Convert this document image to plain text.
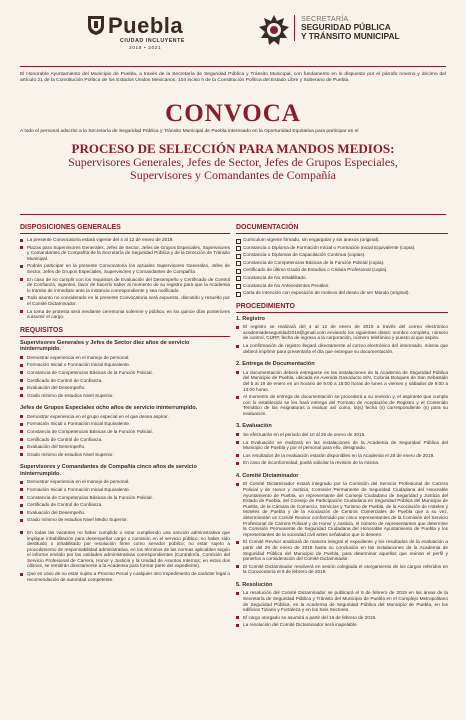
Puebla
CIUDAD INCLUYENTE
2018 • 2021
SECRETARÍA
SEGURIDAD PÚBLICA
Y TRÁNSITO MUNICIPAL

El Honorable Ayuntamiento del Municipio de Puebla, a través de la Secretaría de Seguridad Pública y Tránsito Municipal, con fundamento en lo dispuesto por el párrafo noveno y décimo del artículo 21 de la Constitución Política de los Estados Unidos Mexicanos, 104 inciso h de la Constitución Política del Estado Libre y Soberano de Puebla.

CONVOCA

A todo el personal adscrito a la Secretaría de Seguridad Pública y Tránsito Municipal de Puebla interesado en la Oportunidad Equitativa para participar en el

PROCESO DE SELECCIÓN PARA MANDOS MEDIOS:
Supervisores Generales, Jefes de Sector, Jefes de Grupos Especiales,
Supervisores y Comandantes de Compañía
DISPOSICIONES GENERALES
La presente Convocatoria estará vigente del 4 al 12 de enero de 2019.
Plazas para Supervisores Generales, Jefes de Sector, Jefes de Grupos Especiales, Supervisores y Comandantes de Compañía de la Secretaría de Seguridad Pública y de la Dirección de Tránsito Municipal.
Podrán participar en la presente Convocatoria los actuales Supervisores Generales, Jefes de Sector, Jefes de Grupos Especiales, Supervisores y Comandantes de Compañía.
En caso de no cumplir con los requisitos de Evaluación del Desempeño y Certificado de Control de Confianza, vigentes, favor de hacerlo saber al momento de su registro para que la Academia lo tramite de inmediato ante la instancia correspondiente y sea notificado.
Todo asunto no considerado en la presente Convocatoria será expuesto, discutido y resuelto por el Comité Dictaminador.
La toma de protesta será mediante ceremonia solemne y pública, en los quince días posteriores a asumir el cargo.
REQUISITOS
Supervisores Generales y Jefes de Sector diez años de servicio ininterrumpido.
Demostrar experiencia en el manejo de personal.
Formación Inicial o Formación Inicial Equivalente.
Constancia de Competencias Básicas de la Función Policial.
Certificado de Control de Confianza.
Evaluación del Desempeño.
Grado mínimo de estudios Nivel Superior.
Jefes de Grupos Especiales ocho años de servicio ininterrumpido.
Demostrar experiencia en el grupo especial en el que desea aspirar.
Formación Inicial o Formación Inicial Equivalente.
Constancia de Competencias Básicas de la Función Policial.
Certificado de Control de Confianza.
Evaluación del Desempeño.
Grado mínimo de estudios Nivel Superior.
Supervisores y Comandantes de Compañía cinco años de servicio ininterrumpido.
Demostrar experiencia en el manejo de personal.
Formación Inicial o Formación Inicial Equivalente.
Constancia de Competencias Básicas de la Función Policial.
Certificado de Control de Confianza.
Evaluación del Desempeño.
Grado mínimo de estudios Nivel Medio Superior.
En todas las vacantes no haber cumplido o estar cumpliendo una sanción administrativa que implique inhabilitación para desempeñar cargo o comisión en el servicio público; no haber sido destituido o inhabilitado por resolución firme como servidor público; no estar sujeto a procedimiento de responsabilidad administrativa, en los términos de las normas aplicables según el informe emitido por las unidades administrativas correspondientes (Contraloría, Comisión del Servicio Profesional de Carrera, Honor y Justicia y la Unidad de Asuntos Internos; en estos dos últimos, se remitirán directamente a la Academia para formar parte del expediente).
Que en caso de no estar sujeto a Proceso Penal y cualquier otro Impedimento de carácter legal o recomendación de autoridad competente.
DOCUMENTACIÓN
Curriculum vigente firmado, sin engargolar y sin anexos (original).
Constancia o Diploma de Formación Inicial o Formación Inicial Equivalente (copia).
Constancia o Diplomas de Capacitación Continua (copias).
Constancia de Competencias Básicas de la Función Policial (copia).
Certificado de último Grado de Estudios o Cédula Profesional (copia).
Constancia de No Inhabilitado.
Constancia de No Antecedentes Penales.
Carta de intención con exposición de motivos del deseo de ser Mando (original).
PROCEDIMIENTO
1. Registro
El registro se realizará del 4 al 12 de enero de 2019 a través del correo electrónico academiadeseguridad2018@gmail.com enviando los siguientes datos: nombre completo, número de control, CURP, fecha de ingreso a la corporación, número telefónico y puesto al que aspira.
La confirmación de registro llegará directamente al correo electrónico del interesado, misma que deberá imprimir para presentarla el día que entregue su documentación.
2. Entrega de Documentación
La documentación deberá entregarse en las instalaciones de la Academia de Seguridad Pública del Municipio de Puebla, ubicada en Avenida Gasoducto S/N, Colonia Bosques de San Sebastián del 5 al 19 de enero en un horario de 9:00 a 18:00 horas de lunes a viernes y sábados de 9:00 a 13:00 horas.
Al momento de entrega de documentación se procederá a su revisión y, el aspirante que cumpla con lo establecido se les hará entrega del Formato de Aceptación de Registro y el Contenido Temático de las Asignaturas a evaluar así como, la(s) fecha (s) correspondiente (s) para su evaluación.
3. Evaluación
Se efectuarán en el periodo del 10 al 25 de enero de 2019.
La Evaluación se realizará en las instalaciones de la Academia de Seguridad Pública del Municipio de Puebla y por el personal para ello, designado.
Los resultados de la evaluación estarán disponibles en la Academia el 28 de enero de 2019.
En caso de inconformidad, podrá solicitar la revisión de la misma.
4. Comité Dictaminador
El Comité Dictaminador estará integrado por la Comisión del Servicio Profesional de Carrera Policial y de Honor y Justicia, Comisión Permanente de Seguridad Ciudadana del Honorable Ayuntamiento de Puebla, un representante del Consejo Ciudadano de Seguridad y Justicia del Estado de Puebla, del Consejo de Participación Ciudadana en Seguridad Pública del Municipio de Puebla, de la Cámara de Comercio, Servicios y Turismo de Puebla, de la Asociación de Hoteles y Moteles de Puebla y de la Asociación de Centros Comerciales de Puebla que a su vez, determinarán un Comité Revisor conformado por cinco representantes de la Comisión del Servicio Profesional de Carrera Policial y de Honor y Justicia, el número de representantes que determine la Comisión Permanente de Seguridad Ciudadana del Honorable Ayuntamiento de Puebla y los representantes de la sociedad civil antes señalados que lo deseen.
El Comité Revisor analizará de manera integral el expediente y los resultados de la evaluación a partir del 29 de enero de 2019 hasta su conclusión en las instalaciones de la Academia de Seguridad Pública del Municipio de Puebla, para determinar aquellos que reúnan el perfil y ponerlos a consideración del Comité Dictaminador.
El Comité Dictaminador resolverá en sesión colegiada el otorgamiento de los cargos referidos en la Convocatoria el 8 de febrero de 2019.
5. Resolución
La resolución del Comité Dictaminador se publicará el 9 de febrero de 2019 en las áreas de la Secretaría de Seguridad Pública y Tránsito del Municipio de Puebla en el Complejo Metropolitano de Seguridad Pública, en la Academia de Seguridad Pública del Municipio de Puebla, en los edificios Tiziano y Fortaleza y en los Seis Sectores.
El cargo otorgado se asumirá a partir del 16 de febrero de 2019.
La resolución del Comité Dictaminador será inapelable.
